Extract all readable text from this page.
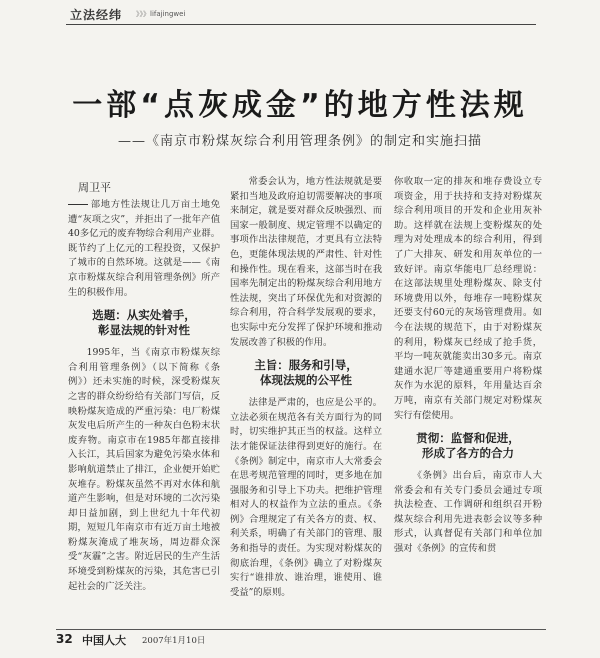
立法经纬 》》》lifajingwei
一部“点灰成金”的地方性法规
——《南京市粉煤灰综合利用管理条例》的制定和实施扫描
周卫平

部地方性法规让几万亩土地免遭“灰项之灾”，并拒出了一批年产值40多亿元的废弃物综合利用产业群。既节约了上亿元的工程投资，又保护了城市的自然环境。这就是——《南京市粉煤灰综合利用管理条例》所产生的积极作用。

选题：从实处着手，
彰显法规的针对性

1995年，当《南京市粉煤灰综合利用管理条例》（以下简称《条例》）还未实施的时候，深受粉煤灰之害的群众纷纷给有关部门写信，反映粉煤灰造成的严重污染：电厂粉煤灰发电后所产生的一种灰白色粉末状废弃物。南京市在1985年都直接排入长江，其后国家为避免污染水体和影响航道禁止了排江，企业便开始贮灰堆存。粉煤灰虽然不再对水体和航道产生影响，但是对环境的二次污染却日益加剧，到上世纪九十年代初期，短短几年南京市有近万亩土地被粉煤灰淹成了堆灰场，周边群众深受“灰霾”之害。附近居民的生产生活环境受到粉煤灰的污染，其危害已引起社会的广泛关注。

常委会认为，地方性法规就是要紧扣当地及政府迫切需要解决的事项来制定，就是要对群众反映强烈、而国家一般制度、规定管理不以确定的事项作出法律规范，才更具有立法特色，更能体现法规的严肃性、针对性和操作性。现在看来，这部当时在我国率先制定出的粉煤灰综合利用地方性法规，突出了环保优先和对资源的综合利用，符合科学发展观的要求，也实际中充分发挥了保护环境和推动发展改善了积极的作用。

主旨：服务和引导，
体现法规的公平性

法律是严肃的，也应是公平的。立法必须在规范各有关方面行为的同时，切实维护其正当的权益。这样立法才能保证法律得到更好的施行。在《条例》制定中，南京市人大常委会在思考规范管理的同时，更多地在加强服务和引导上下功夫。把维护管理相对人的权益作为立法的重点。《条例》合理规定了有关各方的责、权、利关系，明确了有关部门的管理、服务和指导的责任。为实现对粉煤灰的彻底治理，《条例》确立了对粉煤灰实行“谁排放、谁治理，谁使用、谁受益”的原则。

你收取一定的排灰和堆存费设立专项资金，用于扶持和支持对粉煤灰综合利用项目的开发和企业用灰补助。这样就在法规上变粉煤灰的处理为对处理成本的综合利用，得到了广大排灰、研发和用灰单位的一致好评。南京华能电厂总经理说：在这部法规里处理粉煤灰、除支付环境费用以外，每堆存一吨粉煤灰还要支付60元的灰场管理费用。如今在法规的规范下，由于对粉煤灰的利用，粉煤灰已经成了抢手货，平均一吨灰就能卖出30多元。南京建通水泥厂等建通重要用户将粉煤灰作为水泥的原料，年用量达百余万吨，南京有关部门规定对粉煤灰实行有偿使用。

贯彻：监督和促进，
形成了各方的合力

《条例》出台后，南京市人大常委会和有关专门委员会通过专项执法检查、工作调研和组织召开粉煤灰综合利用先进表彰会议等多种形式，认真督促有关部门和单位加强对《条例》的宣传和贯

32 中国人大 2007年1月10日
